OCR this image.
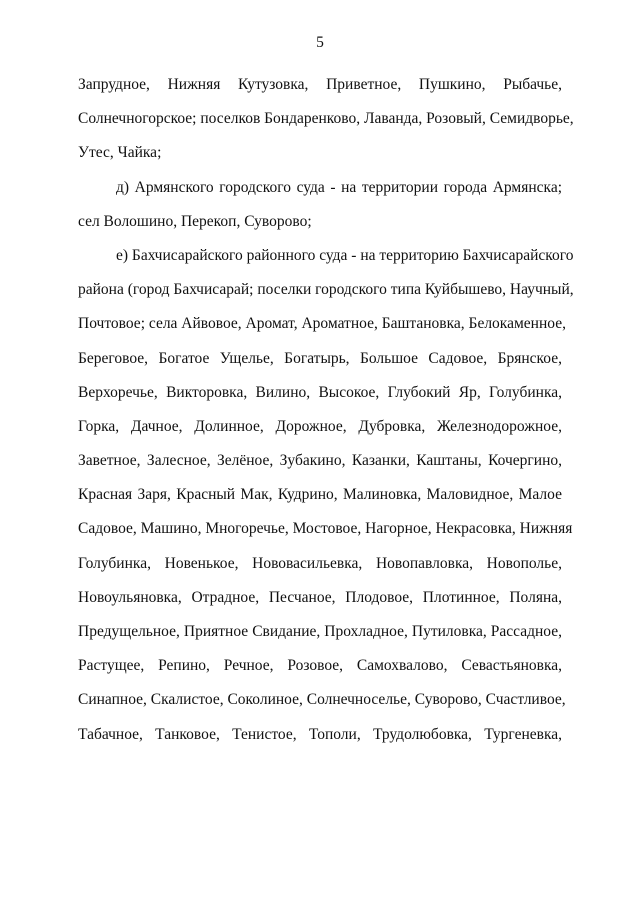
5
Запрудное, Нижняя Кутузовка, Приветное, Пушкино, Рыбачье,
Солнечногорское; поселков Бондаренково, Лаванда, Розовый, Семидворье,
Утес, Чайка;
д) Армянского городского суда - на территории города Армянска;
сел Волошино, Перекоп, Суворово;
е) Бахчисарайского районного суда - на территорию Бахчисарайского
района (город Бахчисарай; поселки городского типа Куйбышево, Научный,
Почтовое; села Айвовое, Аромат, Ароматное, Баштановка, Белокаменное,
Береговое, Богатое Ущелье, Богатырь, Большое Садовое, Брянское,
Верхоречье, Викторовка, Вилино, Высокое, Глубокий Яр, Голубинка,
Горка, Дачное, Долинное, Дорожное, Дубровка, Железнодорожное,
Заветное, Залесное, Зелёное, Зубакино, Казанки, Каштаны, Кочергино,
Красная Заря, Красный Мак, Кудрино, Малиновка, Маловидное, Малое
Садовое, Машино, Многоречье, Мостовое, Нагорное, Некрасовка, Нижняя
Голубинка, Новенькое, Нововасильевка, Новопавловка, Новополье,
Новоульяновка, Отрадное, Песчаное, Плодовое, Плотинное, Поляна,
Предущельное, Приятное Свидание, Прохладное, Путиловка, Рассадное,
Растущее, Репино, Речное, Розовое, Самохвалово, Севастьяновка,
Синапное, Скалистое, Соколиное, Солнечноселье, Суворово, Счастливое,
Табачное, Танковое, Тенистое, Тополи, Трудолюбовка, Тургеневка,
